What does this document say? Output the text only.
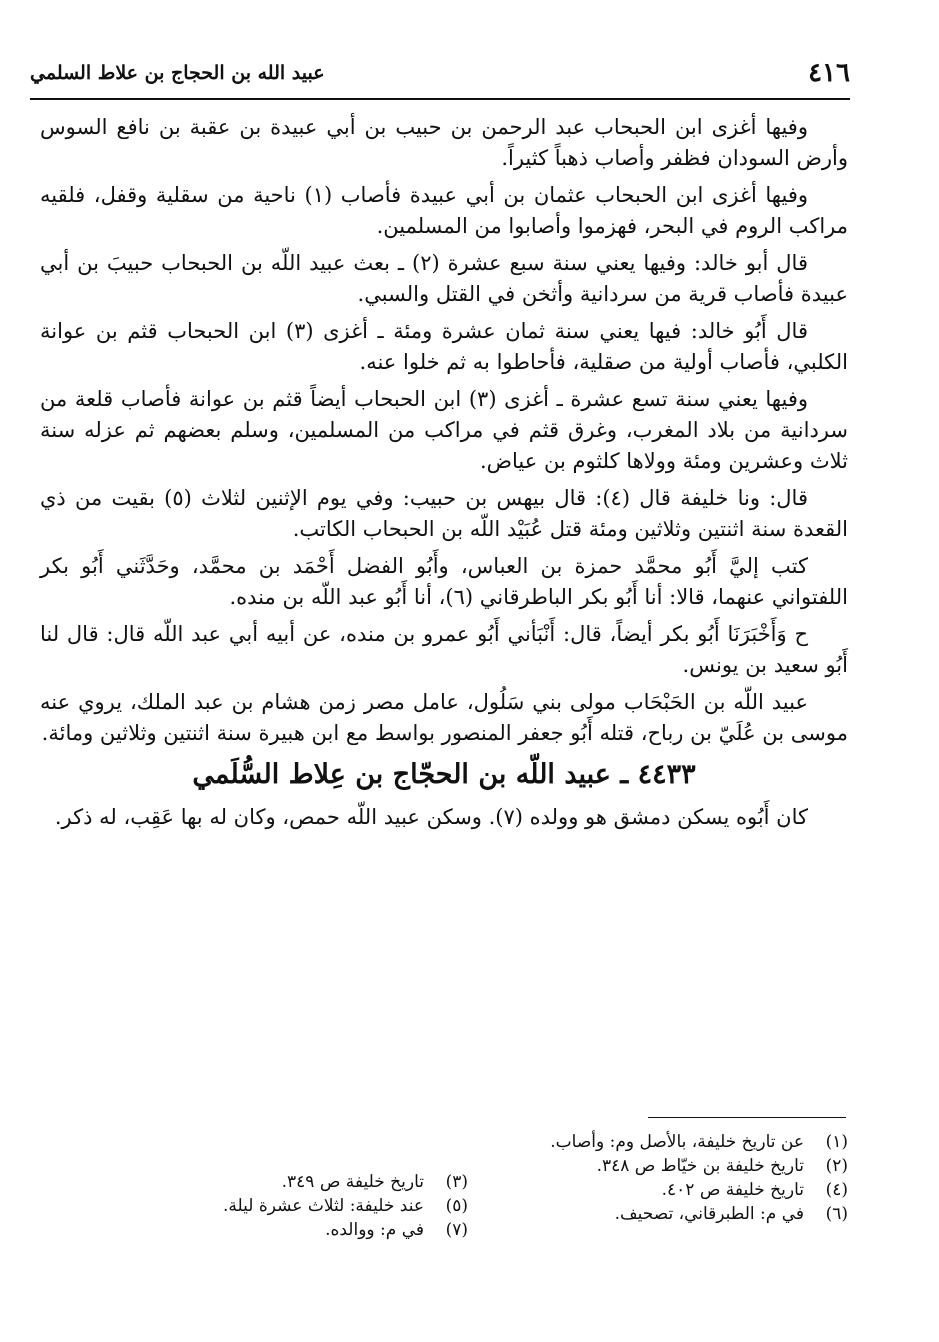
٤١٦
عبيد الله بن الحجاج بن علاط السلمي

وفيها أغزى ابن الحبحاب عبد الرحمن بن حبيب بن أبي عبيدة بن عقبة بن نافع السوس وأرض السودان فظفر وأصاب ذهباً كثيراً.

وفيها أغزى ابن الحبحاب عثمان بن أبي عبيدة فأصاب (١) ناحية من سقلية وقفل، فلقيه مراكب الروم في البحر، فهزموا وأصابوا من المسلمين.

قال أبو خالد: وفيها يعني سنة سبع عشرة (٢) ـ بعث عبيد اللّه بن الحبحاب حبيبَ بن أبي عبيدة فأصاب قرية من سردانية وأثخن في القتل والسبي.

قال أَبُو خالد: فيها يعني سنة ثمان عشرة ومئة ـ أغزى (٣) ابن الحبحاب قثم بن عوانة الكلبي، فأصاب أولية من صقلية، فأحاطوا به ثم خلوا عنه.

وفيها يعني سنة تسع عشرة ـ أغزى (٣) ابن الحبحاب أيضاً قثم بن عوانة فأصاب قلعة من سردانية من بلاد المغرب، وغرق قثم في مراكب من المسلمين، وسلم بعضهم ثم عزله سنة ثلاث وعشرين ومئة وولاها كلثوم بن عياض.

قال: ونا خليفة قال (٤): قال بيهس بن حبيب: وفي يوم الإثنين لثلاث (٥) بقيت من ذي القعدة سنة اثنتين وثلاثين ومئة قتل عُبَيْد اللّه بن الحبحاب الكاتب.

كتب إليَّ أَبُو محمَّد حمزة بن العباس، وأَبُو الفضل أَحْمَد بن محمَّد، وحَدَّثَني أَبُو بكر اللفتواني عنهما، قالا: أنا أَبُو بكر الباطرقاني (٦)، أنا أَبُو عبد اللّه بن منده.

ح وَأَخْبَرَنَا أَبُو بكر أيضاً، قال: أَنْبَأني أَبُو عمرو بن منده، عن أبيه أبي عبد اللّه قال: قال لنا أَبُو سعيد بن يونس.

عبيد اللّه بن الحَبْحَاب مولى بني سَلُول، عامل مصر زمن هشام بن عبد الملك، يروي عنه موسى بن عُلَيّ بن رباح، قتله أَبُو جعفر المنصور بواسط مع ابن هبيرة سنة اثنتين وثلاثين ومائة.

٤٤٣٣ ـ عبيد اللّه بن الحجّاج بن عِلاط السُّلَمي

كان أَبُوه يسكن دمشق هو وولده (٧). وسكن عبيد اللّه حمص، وكان له بها عَقِب، له ذكر.

(١)عن تاريخ خليفة، بالأصل وم: وأصاب.
(٢)تاريخ خليفة بن خيّاط ص ٣٤٨.
(٤)تاريخ خليفة ص ٤٠٢.
(٦)في م: الطبرقاني، تصحيف.
(٣)تاريخ خليفة ص ٣٤٩.
(٥)عند خليفة: لثلاث عشرة ليلة.
(٧)في م: ووالده.
